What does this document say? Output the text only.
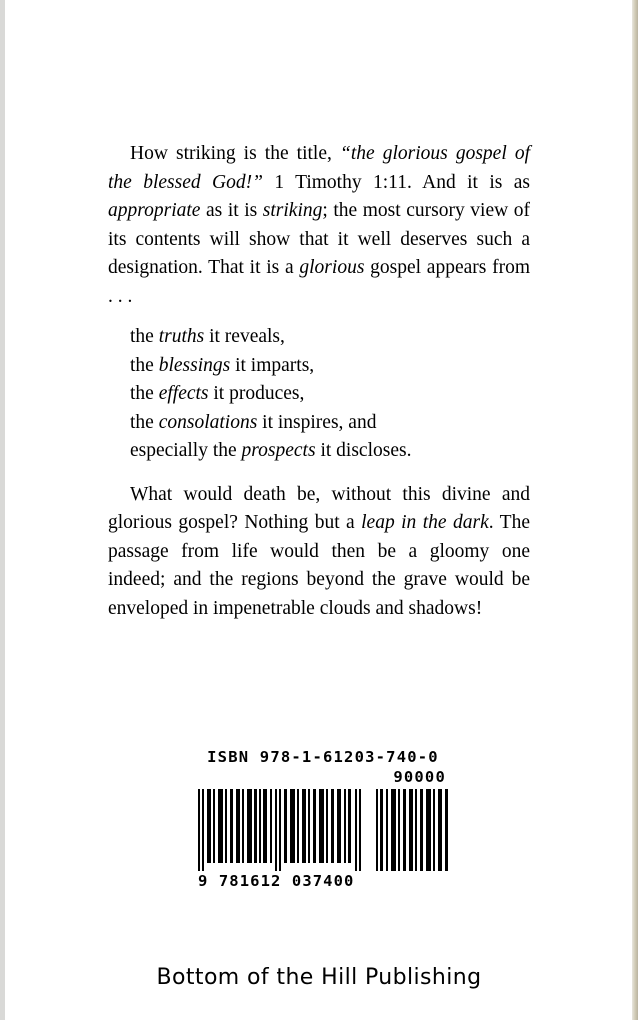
How striking is the title, “the glorious gospel of the blessed God!” 1 Timothy 1:11. And it is as appropriate as it is striking; the most cursory view of its contents will show that it well deserves such a designation. That it is a glorious gospel appears from . . .

the truths it reveals,
the blessings it imparts,
the effects it produces,
the consolations it inspires, and
especially the prospects it discloses.

What would death be, without this divine and glorious gospel? Nothing but a leap in the dark. The passage from life would then be a gloomy one indeed; and the regions beyond the grave would be enveloped in impenetrable clouds and shadows!

ISBN 978-1-61203-740-0
90000
9 781612 037400
Bottom of the Hill Publishing
